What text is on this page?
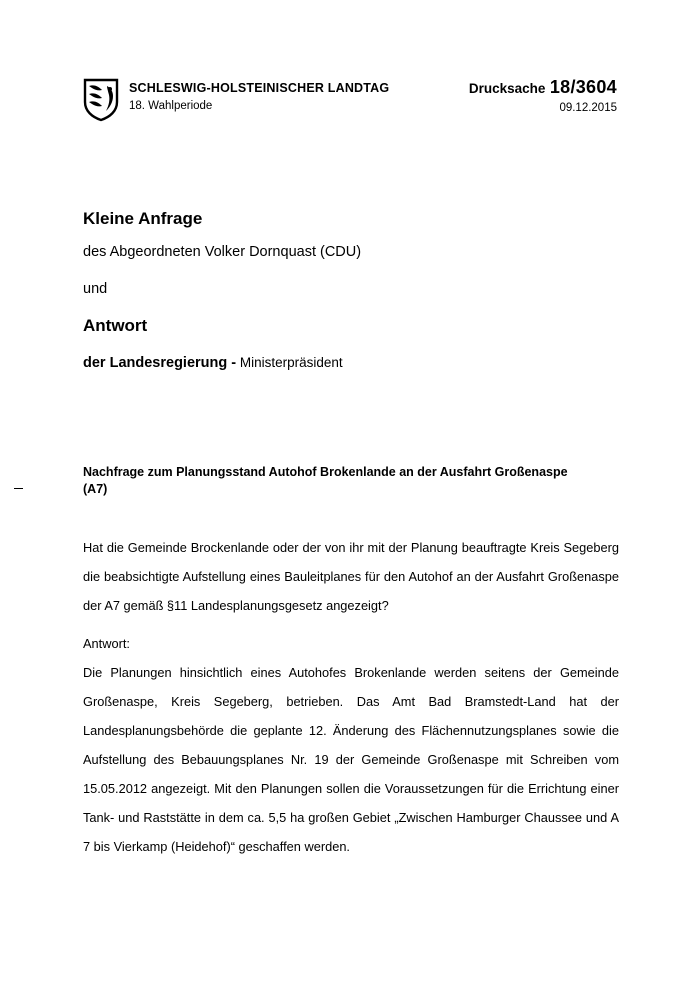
SCHLESWIG-HOLSTEINISCHER LANDTAG
18. Wahlperiode
Drucksache 18/3604
09.12.2015
Kleine Anfrage
des Abgeordneten Volker Dornquast (CDU)
und
Antwort
der Landesregierung - Ministerpräsident
Nachfrage zum Planungsstand Autohof Brokenlande an der Ausfahrt Großenaspe (A7)
Hat die Gemeinde Brockenlande oder der von ihr mit der Planung beauftragte Kreis Segeberg die beabsichtigte Aufstellung eines Bauleitplanes für den Autohof an der Ausfahrt Großenaspe der A7 gemäß §11 Landesplanungsgesetz angezeigt?
Antwort:
Die Planungen hinsichtlich eines Autohofes Brokenlande werden seitens der Gemeinde Großenaspe, Kreis Segeberg, betrieben. Das Amt Bad Bramstedt-Land hat der Landesplanungsbehörde die geplante 12. Änderung des Flächennutzungsplanes sowie die Aufstellung des Bebauungsplanes Nr. 19 der Gemeinde Großenaspe mit Schreiben vom 15.05.2012 angezeigt. Mit den Planungen sollen die Voraussetzungen für die Errichtung einer Tank- und Raststätte in dem ca. 5,5 ha großen Gebiet „Zwischen Hamburger Chaussee und A 7 bis Vierkamp (Heidehof)“ geschaffen werden.
